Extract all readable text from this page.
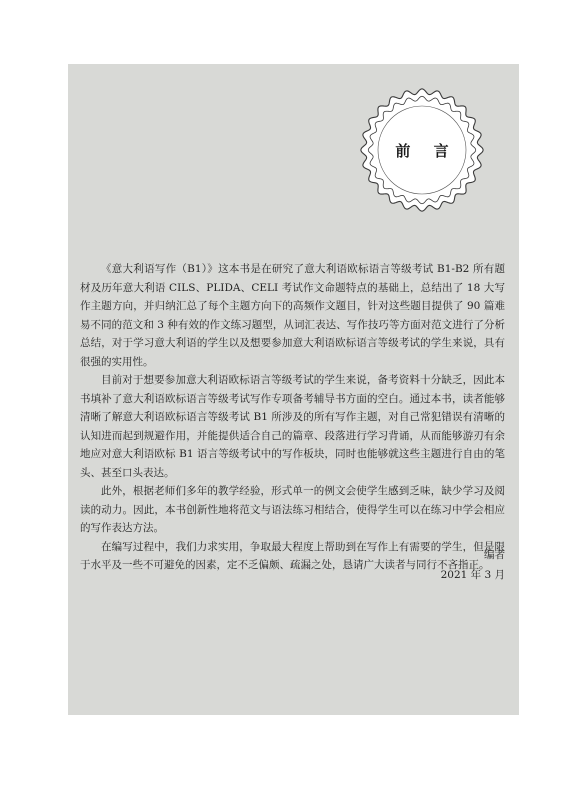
前 言

《意大利语写作（B1）》这本书是在研究了意大利语欧标语言等级考试 B1-B2 所有题材及历年意大利语 CILS、PLIDA、CELI 考试作文命题特点的基础上，总结出了 18 大写作主题方向，并归纳汇总了每个主题方向下的高频作文题目，针对这些题目提供了 90 篇难易不同的范文和 3 种有效的作文练习题型，从词汇表达、写作技巧等方面对范文进行了分析总结，对于学习意大利语的学生以及想要参加意大利语欧标语言等级考试的学生来说，具有很强的实用性。

目前对于想要参加意大利语欧标语言等级考试的学生来说，备考资料十分缺乏，因此本书填补了意大利语欧标语言等级考试写作专项备考辅导书方面的空白。通过本书，读者能够清晰了解意大利语欧标语言等级考试 B1 所涉及的所有写作主题，对自己常犯错误有清晰的认知进而起到规避作用，并能提供适合自己的篇章、段落进行学习背诵，从而能够游刃有余地应对意大利语欧标 B1 语言等级考试中的写作板块，同时也能够就这些主题进行自由的笔头、甚至口头表达。

此外，根据老师们多年的教学经验，形式单一的例文会使学生感到乏味，缺少学习及阅读的动力。因此，本书创新性地将范文与语法练习相结合，使得学生可以在练习中学会相应的写作表达方法。

在编写过程中，我们力求实用，争取最大程度上帮助到在写作上有需要的学生，但是限于水平及一些不可避免的因素，定不乏偏颇、疏漏之处，恳请广大读者与同行不吝指正。

编者
2021 年 3 月
